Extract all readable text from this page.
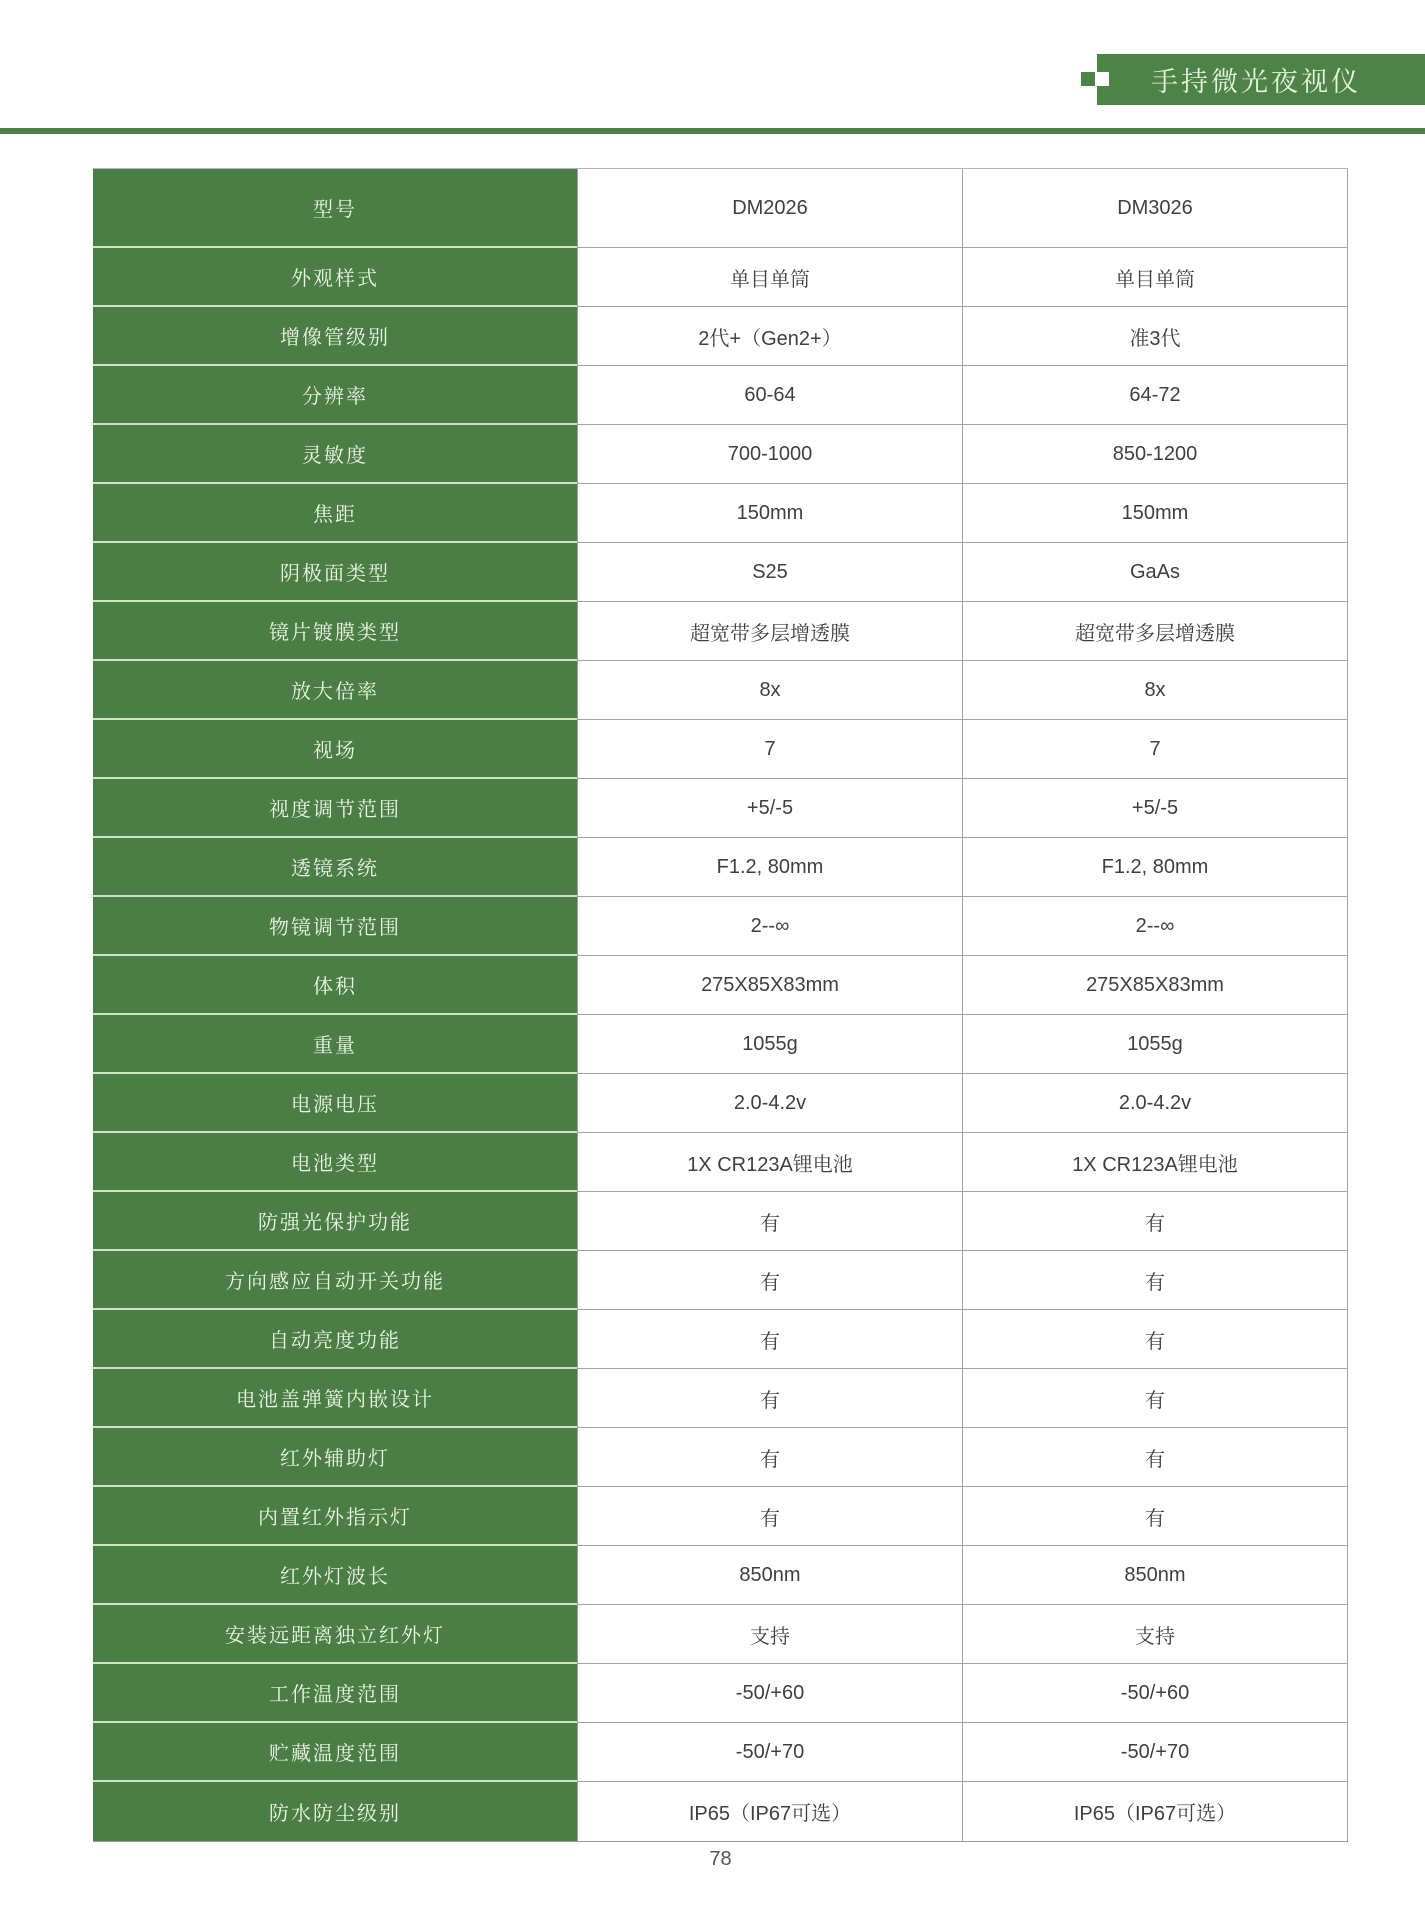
手持微光夜视仪
型号	DM2026	DM3026
外观样式	单目单筒	单目单筒
增像管级别	2代+（Gen2+）	准3代
分辨率	60-64	64-72
灵敏度	700-1000	850-1200
焦距	150mm	150mm
阴极面类型	S25	GaAs
镜片镀膜类型	超宽带多层增透膜	超宽带多层增透膜
放大倍率	8x	8x
视场	7	7
视度调节范围	+5/-5	+5/-5
透镜系统	F1.2, 80mm	F1.2, 80mm
物镜调节范围	2--∞	2--∞
体积	275X85X83mm	275X85X83mm
重量	1055g	1055g
电源电压	2.0-4.2v	2.0-4.2v
电池类型	1X CR123A锂电池	1X CR123A锂电池
防强光保护功能	有	有
方向感应自动开关功能	有	有
自动亮度功能	有	有
电池盖弹簧内嵌设计	有	有
红外辅助灯	有	有
内置红外指示灯	有	有
红外灯波长	850nm	850nm
安装远距离独立红外灯	支持	支持
工作温度范围	-50/+60	-50/+60
贮藏温度范围	-50/+70	-50/+70
防水防尘级别	IP65（IP67可选）	IP65（IP67可选）
78
